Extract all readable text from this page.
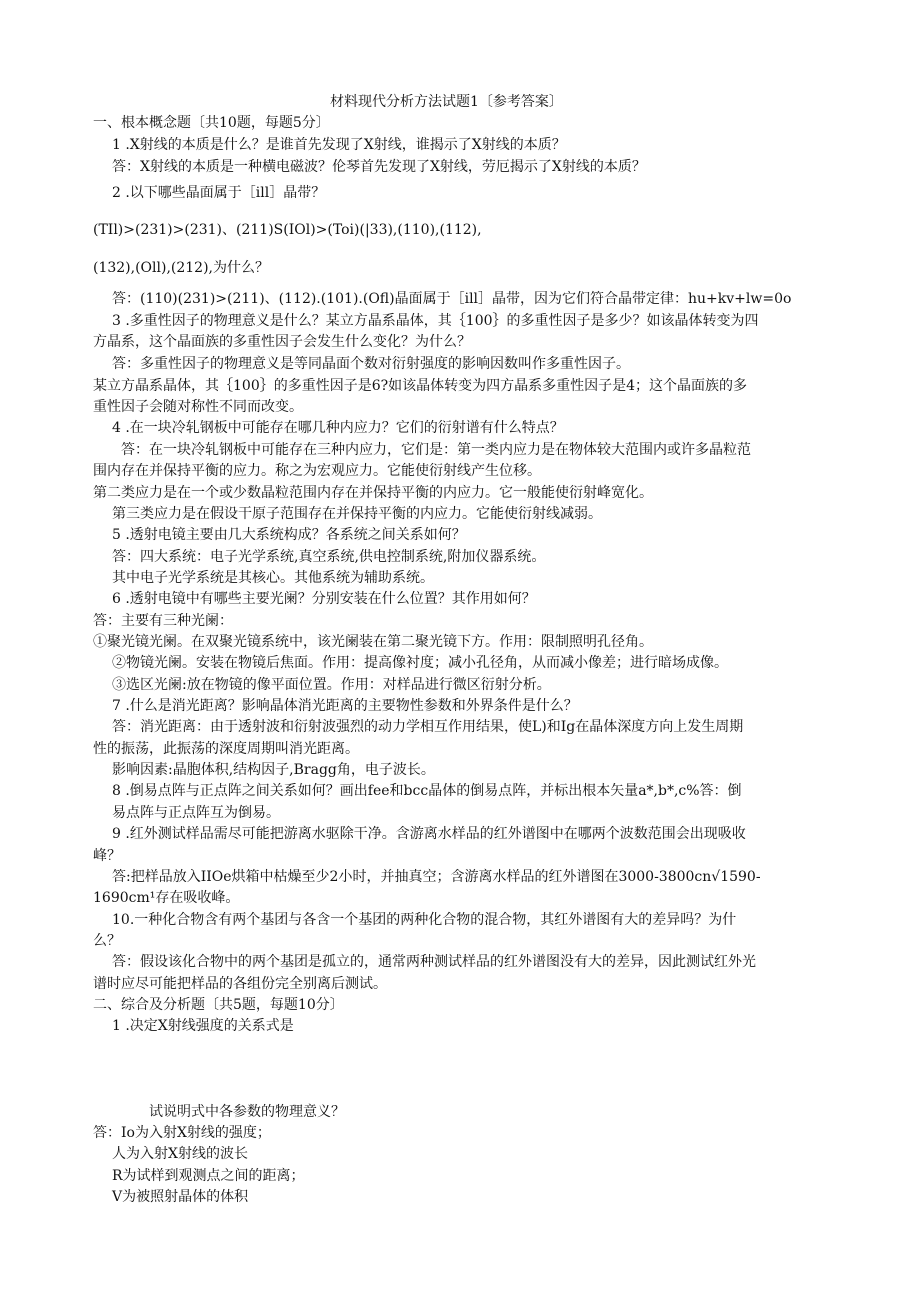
材料现代分析方法试题1〔参考答案〕
一、根本概念题〔共10题，每题5分〕
1 .X射线的本质是什么？是谁首先发现了X射线，谁揭示了X射线的本质？
答：X射线的本质是一种横电磁波？伦琴首先发现了X射线，劳厄揭示了X射线的本质？
2 .以下哪些晶面属于［ill］晶带？
(TIl)>(231)>(231)、(211)S(IOl)>(Toi)(|33),(110),(112),
(132),(Oll),(212),为什么？
答：(110)(231)>(211)、(112).(101).(Ofl)晶面属于［ill］晶带，因为它们符合晶带定律：hu+kv+lw=0o
3 .多重性因子的物理意义是什么？某立方晶系晶体，其｛100｝的多重性因子是多少？如该晶体转变为四
方晶系，这个晶面族的多重性因子会发生什么变化？为什么？
答：多重性因子的物理意义是等同晶面个数对衍射强度的影响因数叫作多重性因子。
某立方晶系晶体，其｛100｝的多重性因子是6?如该晶体转变为四方晶系多重性因子是4；这个晶面族的多
重性因子会随对称性不同而改变。
4 .在一块冷轧钢板中可能存在哪几种内应力？它们的衍射谱有什么特点？
答：在一块冷轧钢板中可能存在三种内应力，它们是：第一类内应力是在物体较大范围内或许多晶粒范
围内存在并保持平衡的应力。称之为宏观应力。它能使衍射线产生位移。
第二类应力是在一个或少数晶粒范围内存在并保持平衡的内应力。它一般能使衍射峰宽化。
第三类应力是在假设干原子范围存在并保持平衡的内应力。它能使衍射线减弱。
5 .透射电镜主要由几大系统构成？各系统之间关系如何？
答：四大系统：电子光学系统,真空系统,供电控制系统,附加仪器系统。
其中电子光学系统是其核心。其他系统为辅助系统。
6 .透射电镜中有哪些主要光阑？分别安装在什么位置？其作用如何？
答：主要有三种光阑：
①聚光镜光阑。在双聚光镜系统中，该光阑装在第二聚光镜下方。作用：限制照明孔径角。
②物镜光阑。安装在物镜后焦面。作用：提高像衬度；减小孔径角，从而减小像差；进行暗场成像。
③选区光阑:放在物镜的像平面位置。作用：对样品进行微区衍射分析。
7 .什么是消光距离？影响晶体消光距离的主要物性参数和外界条件是什么？
答：消光距离：由于透射波和衍射波强烈的动力学相互作用结果，使L)和Ig在晶体深度方向上发生周期
性的振荡，此振荡的深度周期叫消光距离。
影响因素:晶胞体积,结构因子,Bragg角，电子波长。
8 .倒易点阵与正点阵之间关系如何？画出fee和bcc晶体的倒易点阵，并标出根本矢量a*,b*,c%答：倒
易点阵与正点阵互为倒易。
9 .红外测试样品需尽可能把游离水驱除干净。含游离水样品的红外谱图中在哪两个波数范围会出现吸收
峰？
答:把样品放入IIOe烘箱中枯燥至少2小时，并抽真空；含游离水样品的红外谱图在3000-3800cn√1590-
1690cm¹存在吸收峰。
10.一种化合物含有两个基团与各含一个基团的两种化合物的混合物，其红外谱图有大的差异吗？为什
么？
答：假设该化合物中的两个基团是孤立的，通常两种测试样品的红外谱图没有大的差异，因此测试红外光
谱时应尽可能把样品的各组份完全别离后测试。
二、综合及分析题〔共5题，每题10分〕
1 .决定X射线强度的关系式是
试说明式中各参数的物理意义？
答：Io为入射X射线的强度；
人为入射X射线的波长
R为试样到观测点之间的距离；
V为被照射晶体的体积
